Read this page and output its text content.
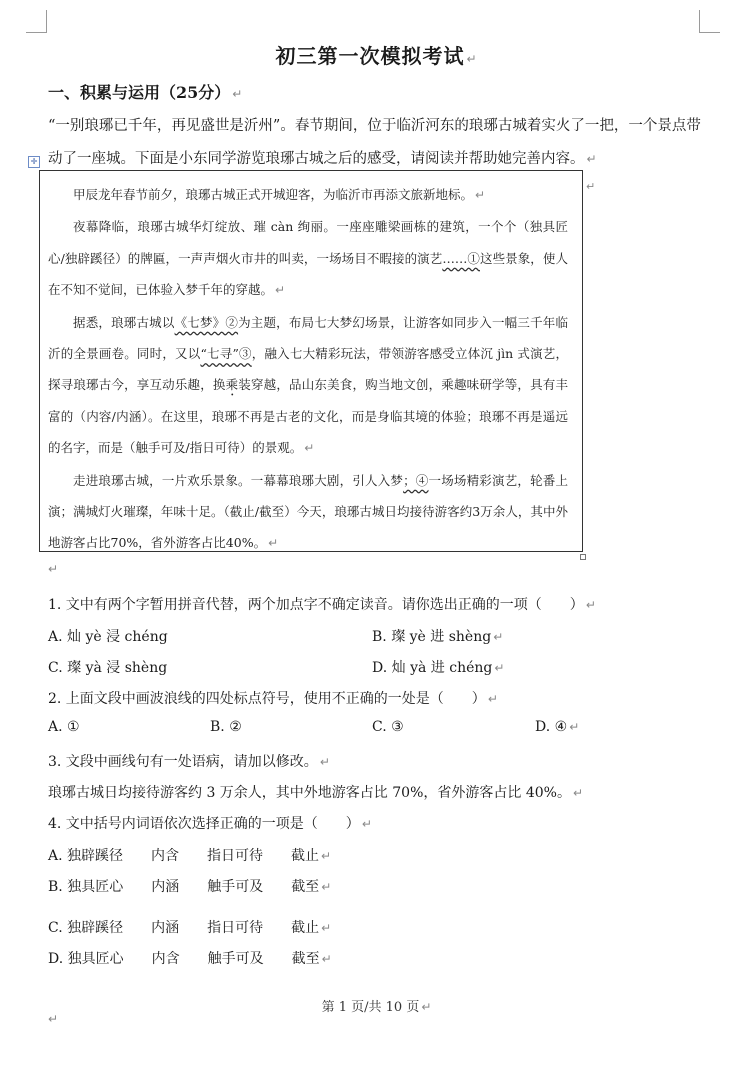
初三第一次模拟考试 ↵
一、积累与运用（25分） ↵
“一别琅琊已千年，再见盛世是沂州”。春节期间，位于临沂河东的琅琊古城着实火了一把，一个景点带动了一座城。下面是小东同学游览琅琊古城之后的感受，请阅读并帮助她完善内容。 ↵
✛

甲辰龙年春节前夕，琅琊古城正式开城迎客，为临沂市再添文旅新地标。 ↵

夜幕降临，琅琊古城华灯绽放、璀 càn 绚丽。一座座雕梁画栋的建筑，一个个（独具匠心/独辟蹊径）的牌匾，一声声烟火市井的叫卖，一场场目不暇接的演艺……①这些景象，使人在不知不觉间，已体验入梦千年的穿越。 ↵

据悉，琅琊古城以《七梦》②为主题，布局七大梦幻场景，让游客如同步入一幅三千年临沂的全景画卷。同时，又以“七寻”③，融入七大精彩玩法，带领游客感受立体沉 jìn 式演艺，探寻琅琊古今，享互动乐趣，换乘装穿越，品山东美食，购当地文创，乘趣味研学等，具有丰富的（内容/内涵）。在这里，琅琊不再是古老的文化，而是身临其境的体验；琅琊不再是遥远的名字，而是（触手可及/指日可待）的景观。 ↵

走进琅琊古城，一片欢乐景象。一幕幕琅琊大剧，引人入梦；④一场场精彩演艺，轮番上演；满城灯火璀璨，年味十足。（截止/截至）今天，琅琊古城日均接待游客约3万余人，其中外地游客占比70%，省外游客占比40%。 ↵

↵
↵
1. 文中有两个字暂用拼音代替，两个加点字不确定读音。请你选出正确的一项（　　） ↵
A. 灿 yè 浸 chéng	B. 璨 yè 进 shèng ↵
C. 璨 yà 浸 shèng	D. 灿 yà 进 chéng ↵
2. 上面文段中画波浪线的四处标点符号，使用不正确的一处是（　　） ↵
A. ①	B. ②	C. ③	D. ④ ↵
3. 文段中画线句有一处语病，请加以修改。 ↵
琅琊古城日均接待游客约 3 万余人，其中外地游客占比 70%，省外游客占比 40%。 ↵
4. 文中括号内词语依次选择正确的一项是（　　） ↵
A. 独辟蹊径　　内含　　指日可待　　截止 ↵
B. 独具匠心　　内涵　　触手可及　　截至 ↵
C. 独辟蹊径　　内涵　　指日可待　　截止 ↵
D. 独具匠心　　内含　　触手可及　　截至 ↵
第 1 页/共 10 页 ↵
↵
